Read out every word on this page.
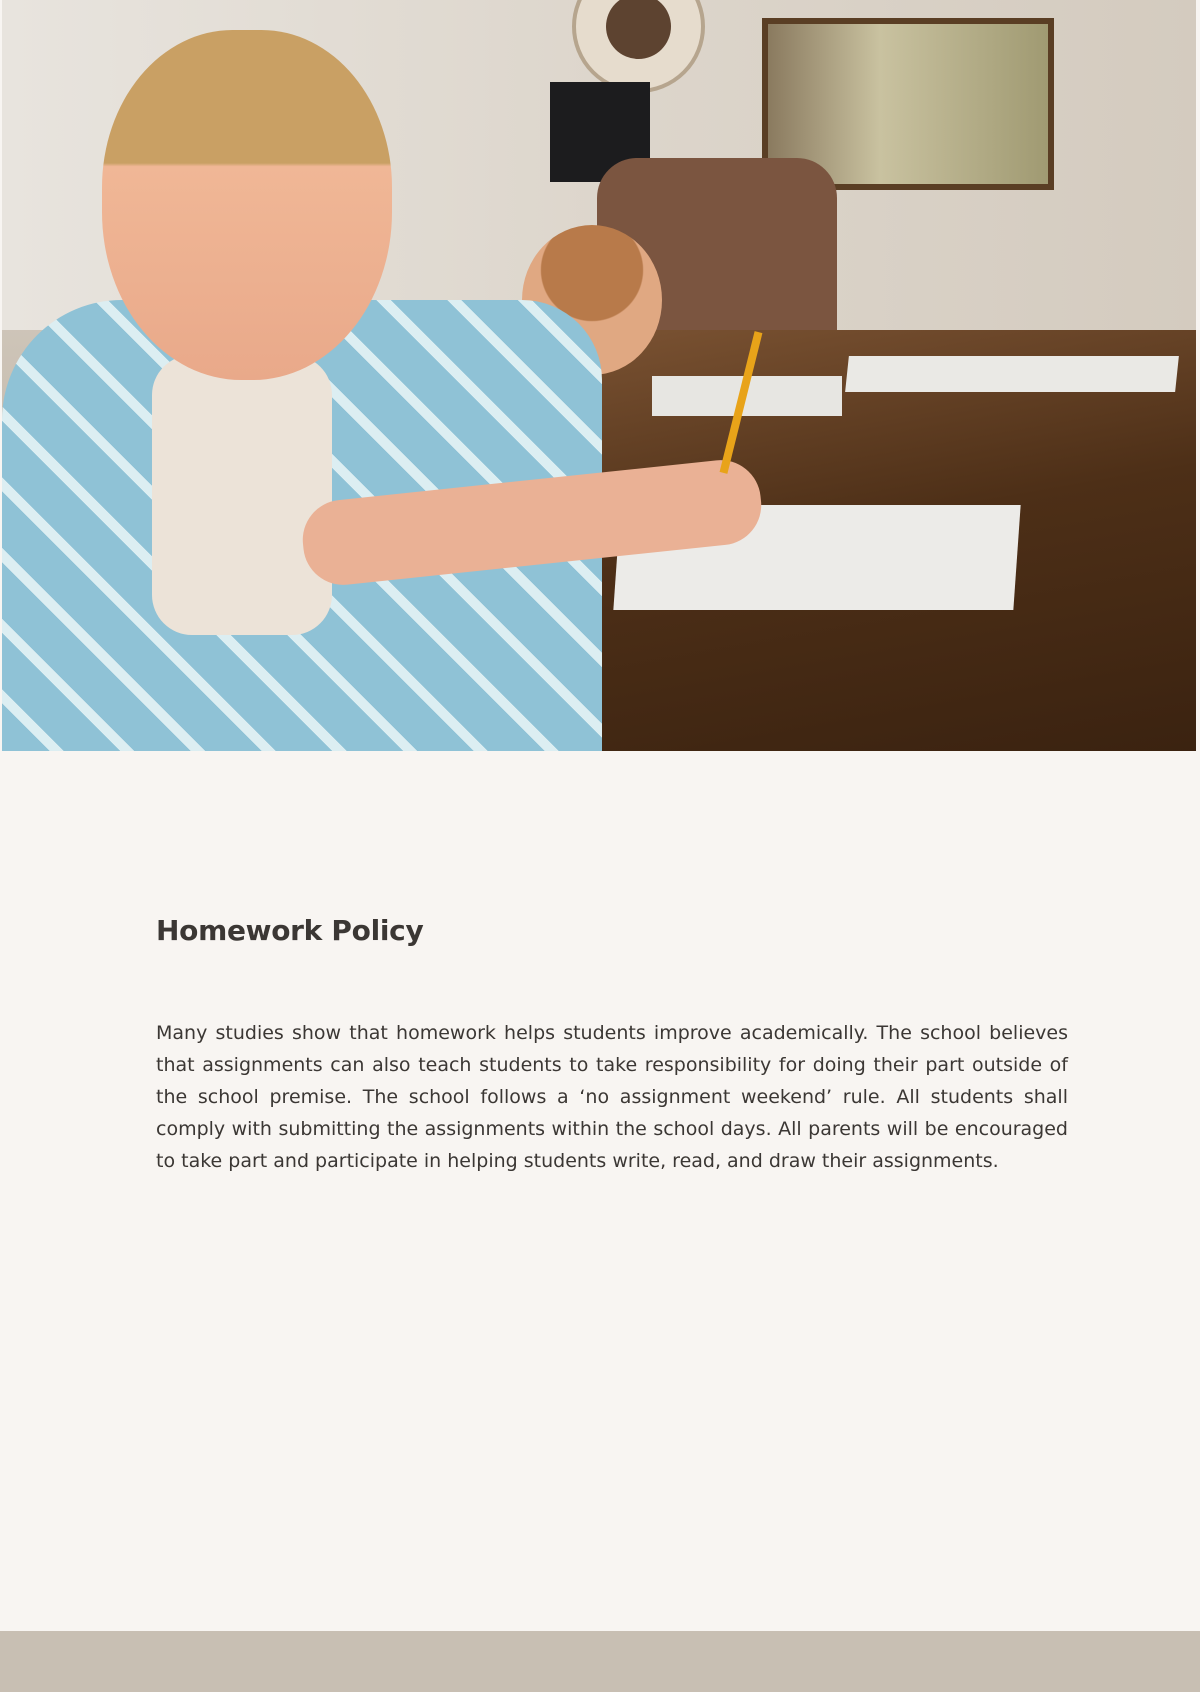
Homework Policy

Many studies show that homework helps students improve academically. The school believes that assignments can also teach students to take responsibility for doing their part outside of the school premise. The school follows a ‘no assignment weekend’ rule. All students shall comply with submitting the assignments within the school days. All parents will be encouraged to take part and participate in helping students write, read, and draw their assignments.
